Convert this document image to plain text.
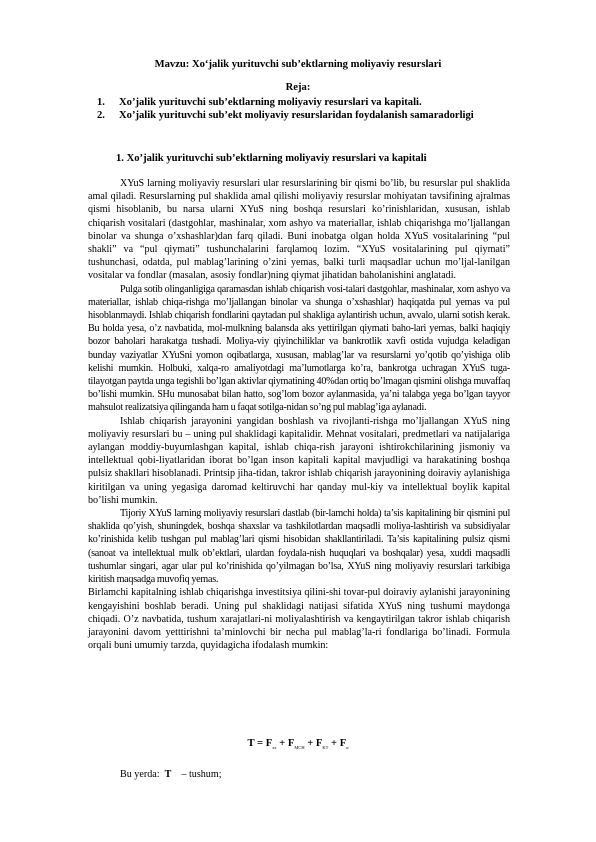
Mavzu: Xo‘jalik yurituvchi sub’ektlarning moliyaviy resurslari
Reja:
1. Xo’jalik yurituvchi sub’ektlarning moliyaviy resurslari va kapitali.
2. Xo’jalik yurituvchi sub’ekt moliyaviy resurslaridan foydalanish samaradorligi
1. Xo’jalik yurituvchi sub’ektlarning moliyaviy resurslari va kapitali

XYuS larning moliyaviy resurslari ular resurslarining bir qismi bo’lib, bu resurslar pul shaklida amal qiladi. Resurslarning pul shaklida amal qilishi moliyaviy resurslar mohiyatan tavsifining ajralmas qismi hisoblanib, bu narsa ularni XYuS ning boshqa resurslari ko’rinishlaridan, xususan, ishlab chiqarish vositalari (dastgohlar, mashinalar, xom ashyo va materiallar, ishlab chiqarishga mo’ljallangan binolar va shunga o’xshashlar)dan farq qiladi. Buni inobatga olgan holda XYuS vositalarining “pul shakli” va “pul qiymati” tushunchalarini farqlamoq lozim. “XYuS vositalarining pul qiymati” tushunchasi, odatda, pul mablag’larining o’zini yemas, balki turli maqsadlar uchun mo’ljal-lanilgan vositalar va fondlar (masalan, asosiy fondlar)ning qiymat jihatidan baholanishini anglatadi.

Pulga sotib olinganligiga qaramasdan ishlab chiqarish vosi-talari dastgohlar, mashinalar, xom ashyo va materiallar, ishlab chiqa-rishga mo’ljallangan binolar va shunga o’xshashlar) haqiqatda pul yemas va pul hisoblanmaydi. Ishlab chiqarish fondlarini qaytadan pul shakliga aylantirish uchun, avvalo, ularni sotish kerak. Bu holda yesa, o’z navbatida, mol-mulkning balansda aks yettirilgan qiymati baho-lari yemas, balki haqiqiy bozor baholari harakatga tushadi. Moliya-viy qiyinchiliklar va bankrotlik xavfi ostida vujudga keladigan bunday vaziyatlar XYuSni yomon oqibatlarga, xususan, mablag’lar va resurslarni yo’qotib qo’yishiga olib kelishi mumkin. Holbuki, xalqa-ro amaliyotdagi ma’lumotlarga ko’ra, bankrotga uchragan XYuS tuga-tilayotgan paytda unga tegishli bo’lgan aktivlar qiymatining 40%dan ortiq bo’lmagan qismini olishga muvaffaq bo’lishi mumkin. SHu munosabat bilan hatto, sog’lom bozor aylanmasida, ya’ni talabga yega bo’lgan tayyor mahsulot realizatsiya qilinganda ham u faqat sotilga-nidan so’ng pul mablag’iga aylanadi.

Ishlab chiqarish jarayonini yangidan boshlash va rivojlanti-rishga mo’ljallangan XYuS ning moliyaviy resurslari bu – uning pul shaklidagi kapitalidir. Mehnat vositalari, predmetlari va natijalariga aylangan moddiy-buyumlashgan kapital, ishlab chiqa-rish jarayoni ishtirokchilarining jismoniy va intellektual qobi-liyatlaridan iborat bo’lgan inson kapitali kapital mavjudligi va harakatining boshqa pulsiz shakllari hisoblanadi. Printsip jiha-tidan, takror ishlab chiqarish jarayonining doiraviy aylanishiga kiritilgan va uning yegasiga daromad keltiruvchi har qanday mul-kiy va intellektual boylik kapital bo’lishi mumkin.

Tijoriy XYuS larning moliyaviy resurslari dastlab (bir-lamchi holda) ta’sis kapitalining bir qismini pul shaklida qo’yish, shuningdek, boshqa shaxslar va tashkilotlardan maqsadli moliya-lashtirish va subsidiyalar ko’rinishida kelib tushgan pul mablag’lari qismi hisobidan shakllantiriladi. Ta’sis kapitalining pulsiz qismi (sanoat va intellektual mulk ob’ektlari, ulardan foydala-nish huquqlari va boshqalar) yesa, xuddi maqsadli tushumlar singari, agar ular pul ko’rinishida qo’yilmagan bo’lsa, XYuS ning moliyaviy resurslari tarkibiga kiritish maqsadga muvofiq yemas.

Birlamchi kapitalning ishlab chiqarishga investitsiya qilini-shi tovar-pul doiraviy aylanishi jarayonining kengayishini boshlab beradi. Uning pul shaklidagi natijasi sifatida XYuS ning tushumi maydonga chiqadi. O’z navbatida, tushum xarajatlari-ni moliyalashtirish va kengaytirilgan takror ishlab chiqarish jarayonini davom yetttirishni ta’minlovchi bir necha pul mablag’la-ri fondlariga bo’linadi. Formula orqali buni umumiy tarzda, quyidagicha ifodalash mumkin:

$T = F_{xz} + F_{MCH} + F_{KT} + F_ø$
Bu yerda: T – tushum;
